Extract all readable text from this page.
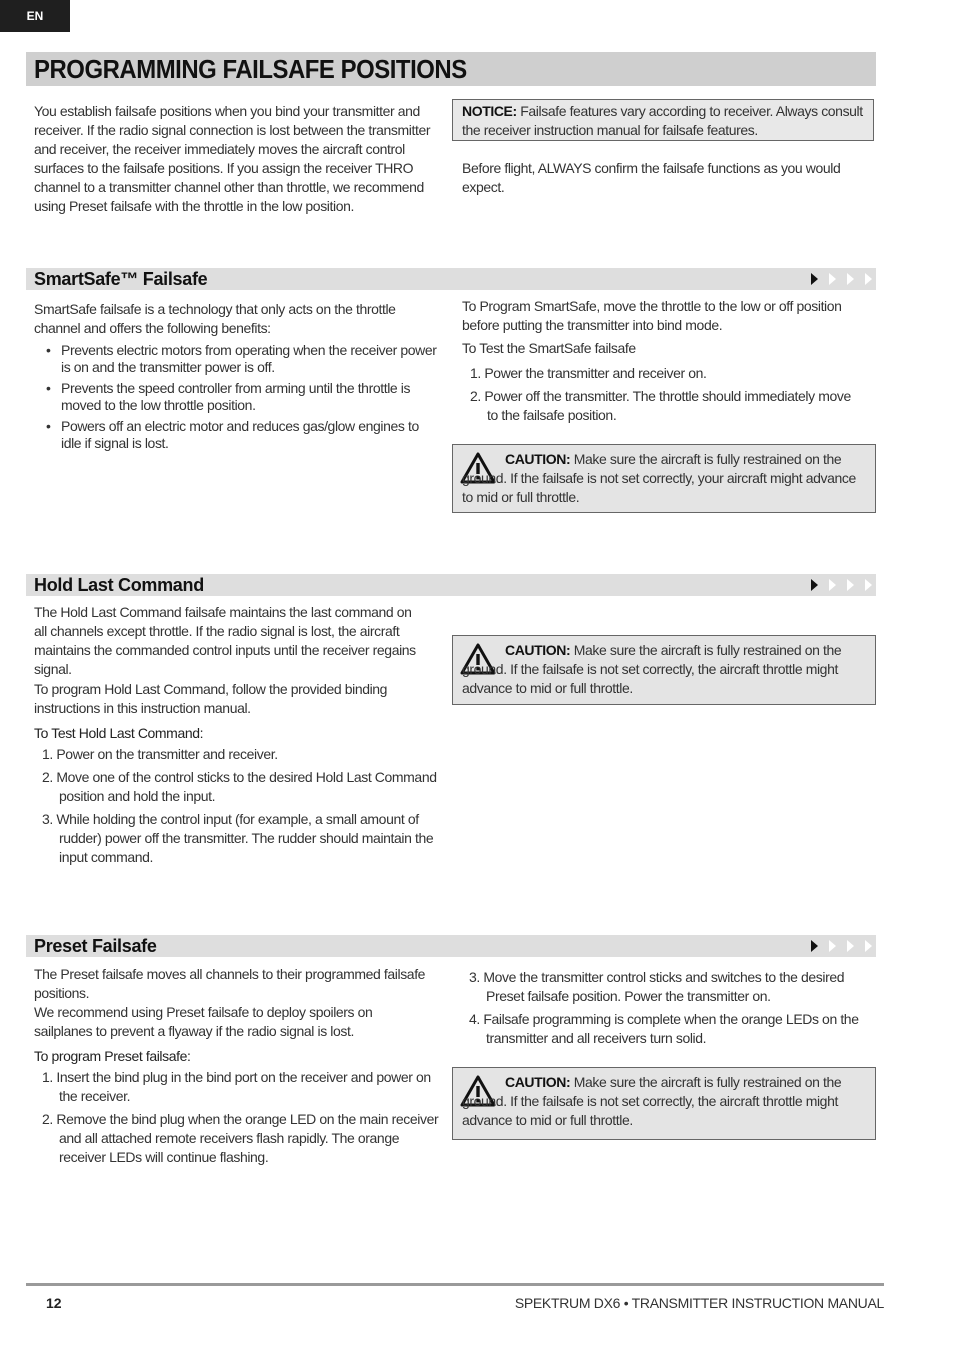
EN
PROGRAMMING FAILSAFE POSITIONS
You establish failsafe positions when you bind your transmitter and receiver. If the radio signal connection is lost between the transmitter and receiver, the receiver immediately moves the aircraft control surfaces to the failsafe positions. If you assign the receiver THRO channel to a transmitter channel other than throttle, we recommend using Preset failsafe with the throttle in the low position.
NOTICE: Failsafe features vary according to receiver. Always consult the receiver instruction manual for failsafe features.
Before flight, ALWAYS confirm the failsafe functions as you would expect.
SmartSafe™ Failsafe
SmartSafe failsafe is a technology that only acts on the throttle channel and offers the following benefits:
• Prevents electric motors from operating when the receiver power is on and the transmitter power is off.
• Prevents the speed controller from arming until the throttle is moved to the low throttle position.
• Powers off an electric motor and reduces gas/glow engines to idle if signal is lost.
To Program SmartSafe, move the throttle to the low or off position before putting the transmitter into bind mode.
To Test the SmartSafe failsafe
1. Power the transmitter and receiver on.
2. Power off the transmitter. The throttle should immediately move to the failsafe position.
CAUTION: Make sure the aircraft is fully restrained on the ground. If the failsafe is not set correctly, your aircraft might advance to mid or full throttle.
Hold Last Command
The Hold Last Command failsafe maintains the last command on all channels except throttle. If the radio signal is lost, the aircraft maintains the commanded control inputs until the receiver regains signal.
To program Hold Last Command, follow the provided binding instructions in this instruction manual.
To Test Hold Last Command:
1. Power on the transmitter and receiver.
2. Move one of the control sticks to the desired Hold Last Command position and hold the input.
3. While holding the control input (for example, a small amount of rudder) power off the transmitter. The rudder should maintain the input command.
CAUTION: Make sure the aircraft is fully restrained on the ground. If the failsafe is not set correctly, the aircraft throttle might advance to mid or full throttle.
Preset Failsafe
The Preset failsafe moves all channels to their programmed failsafe positions.
We recommend using Preset failsafe to deploy spoilers on sailplanes to prevent a flyaway if the radio signal is lost.
To program Preset failsafe:
1. Insert the bind plug in the bind port on the receiver and power on the receiver.
2. Remove the bind plug when the orange LED on the main receiver and all attached remote receivers flash rapidly. The orange receiver LEDs will continue flashing.
3. Move the transmitter control sticks and switches to the desired Preset failsafe position. Power the transmitter on.
4. Failsafe programming is complete when the orange LEDs on the transmitter and all receivers turn solid.
CAUTION: Make sure the aircraft is fully restrained on the ground. If the failsafe is not set correctly, the aircraft throttle might advance to mid or full throttle.
12	SPEKTRUM DX6 • TRANSMITTER INSTRUCTION MANUAL
